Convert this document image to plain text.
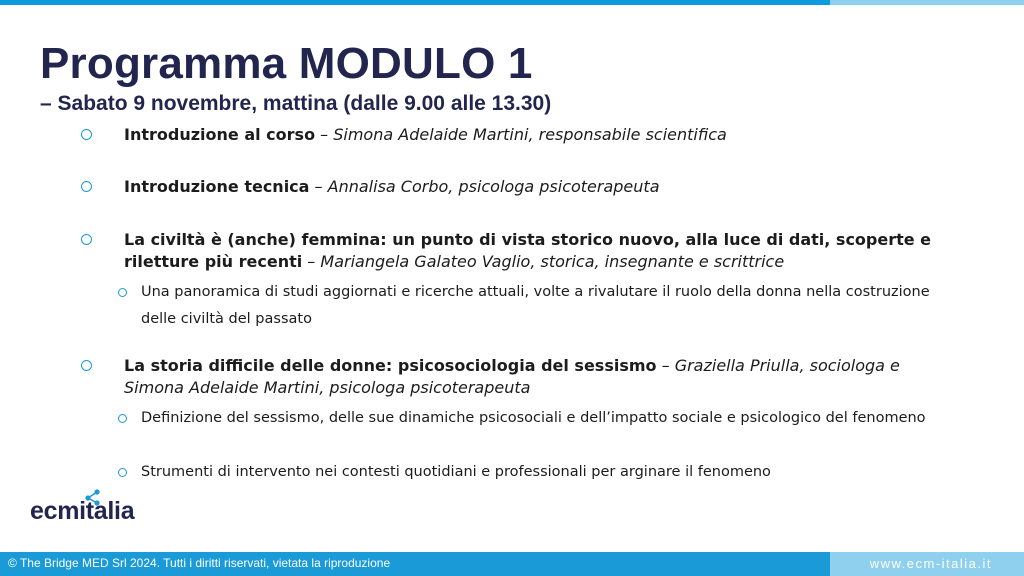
Programma MODULO 1
– Sabato 9 novembre, mattina (dalle 9.00 alle 13.30)
Introduzione al corso – Simona Adelaide Martini, responsabile scientifica
Introduzione tecnica – Annalisa Corbo, psicologa psicoterapeuta
La civiltà è (anche) femmina: un punto di vista storico nuovo, alla luce di dati, scoperte e riletture più recenti – Mariangela Galateo Vaglio, storica, insegnante e scrittrice
Una panoramica di studi aggiornati e ricerche attuali, volte a rivalutare il ruolo della donna nella costruzione delle civiltà del passato
La storia difficile delle donne: psicosociologia del sessismo – Graziella Priulla, sociologa e Simona Adelaide Martini, psicologa psicoterapeuta
Definizione del sessismo, delle sue dinamiche psicosociali e dell’impatto sociale e psicologico del fenomeno
Strumenti di intervento nei contesti quotidiani e professionali per arginare il fenomeno
ecmitalia
© The Bridge MED Srl 2024. Tutti i diritti riservati, vietata la riproduzione	www.ecm-italia.it
